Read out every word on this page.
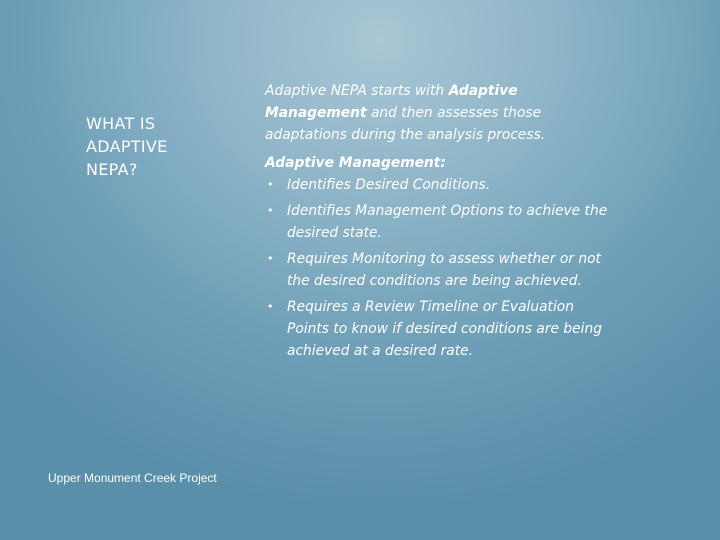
WHAT IS
ADAPTIVE
NEPA?

Adaptive NEPA starts with Adaptive Management and then assesses those adaptations during the analysis process.

Adaptive Management:

• Identifies Desired Conditions.
• Identifies Management Options to achieve the desired state.
• Requires Monitoring to assess whether or not the desired conditions are being achieved.
• Requires a Review Timeline or Evaluation Points to know if desired conditions are being achieved at a desired rate.
Upper Monument Creek Project
